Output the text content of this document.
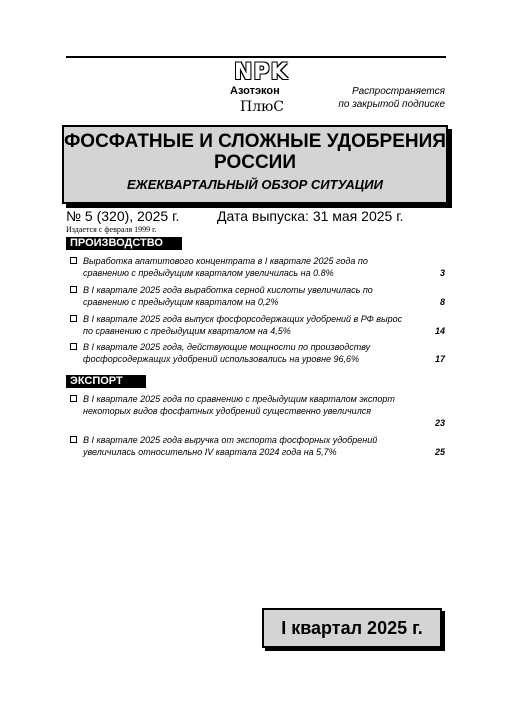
NPK
Азотэкон
ПлюС
Распространяется
по закрытой подписке
ФОСФАТНЫЕ И СЛОЖНЫЕ УДОБРЕНИЯ РОССИИ
ЕЖЕКВАРТАЛЬНЫЙ ОБЗОР СИТУАЦИИ
№ 5 (320), 2025 г.	Дата выпуска: 31 мая 2025 г.
Издается с февраля 1999 г.
ПРОИЗВОДСТВО
Выработка апатитового концентрата в I квартале 2025 года по сравнению с предыдущим кварталом увеличилась на 0.8%	3
В I квартале 2025 года выработка серной кислоты увеличилась по сравнению с предыдущим кварталом на 0,2%	8
В I квартале 2025 года выпуск фосфорсодержащих удобрений в РФ вырос по сравнению с предыдущим кварталом на 4,5%	14
В I квартале 2025 года, действующие мощности по производству фосфорсодержащих удобрений использовались на уровне 96,6%	17
ЭКСПОРТ
В I квартале 2025 года по сравнению с предыдущим кварталом экспорт некоторых видов фосфатных удобрений существенно увеличился
23
В I квартале 2025 года выручка от экспорта фосфорных удобрений увеличилась относительно IV квартала 2024 года на 5,7%	25
I квартал 2025 г.
